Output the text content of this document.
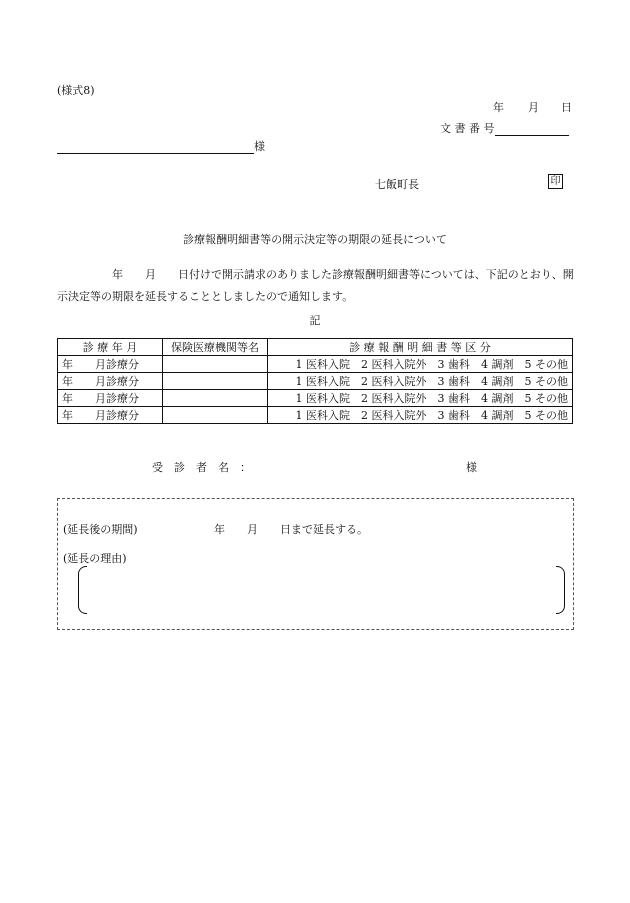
(様式8)
年 月 日
文 書 番 号
様
七飯町長	印
診療報酬明細書等の開示決定等の期限の延長について
　　　　　年　　月　　日付けで開示請求のありました診療報酬明細書等については、下記のとおり、開示決定等の期限を延長することとしましたので通知します。
記
診 療 年 月	保険医療機関等名	診 療 報 酬 明 細 書 等 区 分
年　　月診療分		1 医科入院　2 医科入院外　3 歯科　4 調剤　5 その他
年　　月診療分		1 医科入院　2 医科入院外　3 歯科　4 調剤　5 その他
年　　月診療分		1 医科入院　2 医科入院外　3 歯科　4 調剤　5 その他
年　　月診療分		1 医科入院　2 医科入院外　3 歯科　4 調剤　5 その他
受　診　者　名　：	様
(延長後の期間)	年　　月　　日まで延長する。
(延長の理由)
